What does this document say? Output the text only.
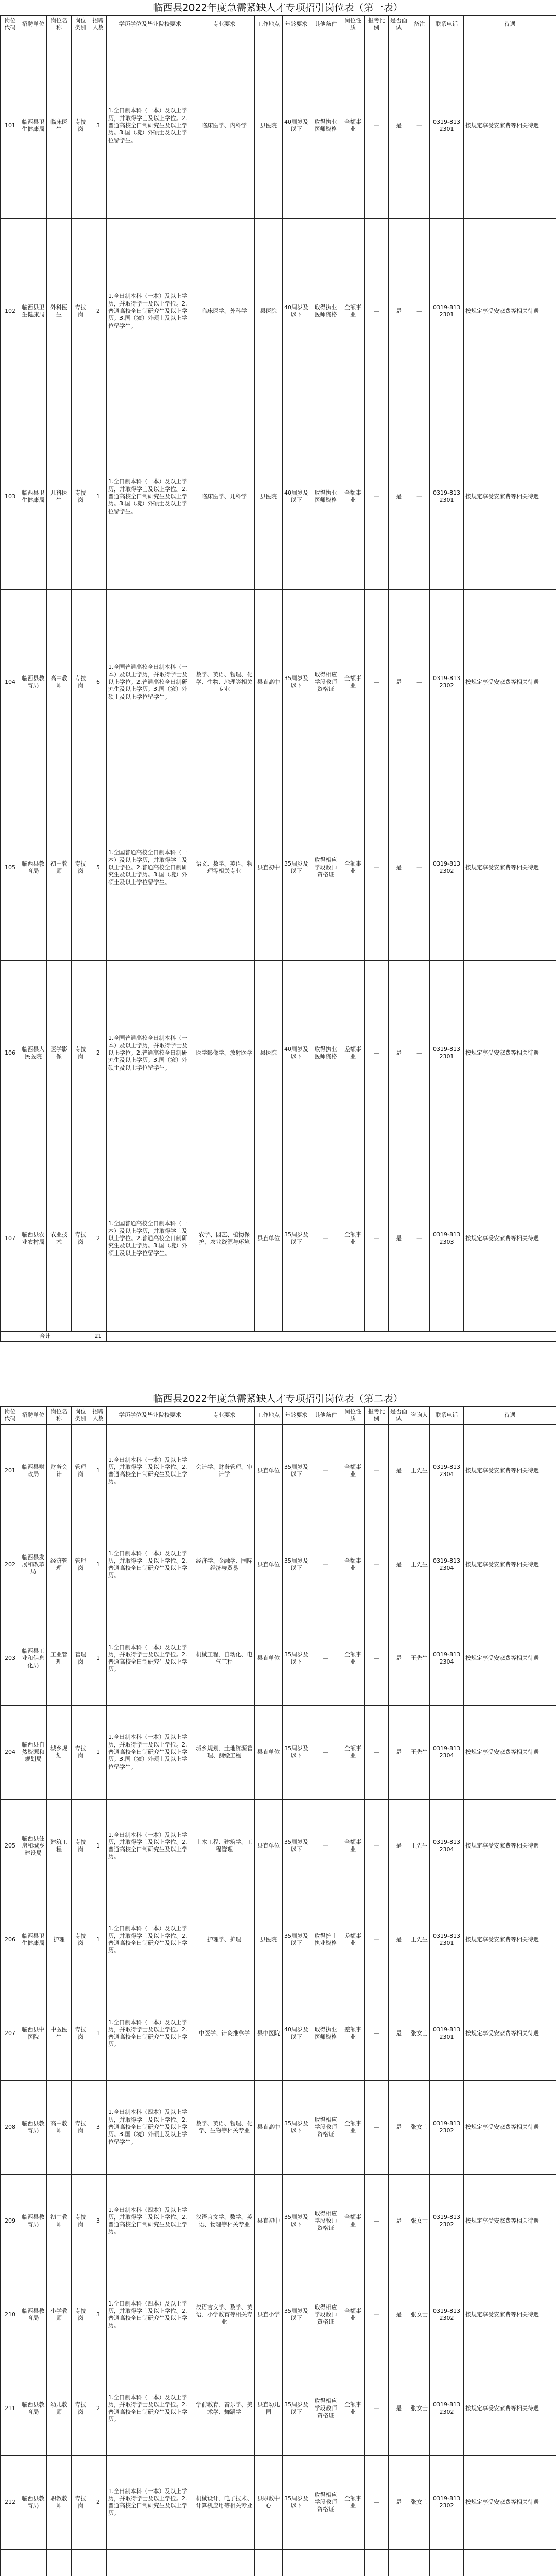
临西县2022年度急需紧缺人才专项招引岗位表（第一表）
岗位代码	招聘单位	岗位名称	岗位类别	招聘人数	学历学位及毕业院校要求	专业要求	工作地点	年龄要求	其他条件	岗位性质	报考比例	是否面试	备注	联系电话	待遇
101	临西县卫生健康局	临床医生	专技岗	3	1.全日制本科（一本）及以上学历，并取得学士及以上学位。2.普通高校全日制研究生及以上学历。3.国（境）外硕士及以上学位留学生。	临床医学、内科学	县医院	40周岁及以下	取得执业医师资格	全额事业	—	是	—	0319-8132301	按规定享受安家费等相关待遇
102	临西县卫生健康局	外科医生	专技岗	2	1.全日制本科（一本）及以上学历，并取得学士及以上学位。2.普通高校全日制研究生及以上学历。3.国（境）外硕士及以上学位留学生。	临床医学、外科学	县医院	40周岁及以下	取得执业医师资格	全额事业	—	是	—	0319-8132301	按规定享受安家费等相关待遇
103	临西县卫生健康局	儿科医生	专技岗	1	1.全日制本科（一本）及以上学历，并取得学士及以上学位。2.普通高校全日制研究生及以上学历。3.国（境）外硕士及以上学位留学生。	临床医学、儿科学	县医院	40周岁及以下	取得执业医师资格	全额事业	—	是	—	0319-8132301	按规定享受安家费等相关待遇
104	临西县教育局	高中教师	专技岗	6	1.全国普通高校全日制本科（一本）及以上学历，并取得学士及以上学位。2.普通高校全日制研究生及以上学历。3.国（境）外硕士及以上学位留学生。	数学、英语、物理、化学、生物、地理等相关专业	县直高中	35周岁及以下	取得相应学段教师资格证	全额事业	—	是	—	0319-8132302	按规定享受安家费等相关待遇
105	临西县教育局	初中教师	专技岗	5	1.全国普通高校全日制本科（一本）及以上学历，并取得学士及以上学位。2.普通高校全日制研究生及以上学历。3.国（境）外硕士及以上学位留学生。	语文、数学、英语、物理等相关专业	县直初中	35周岁及以下	取得相应学段教师资格证	全额事业	—	是	—	0319-8132302	按规定享受安家费等相关待遇
106	临西县人民医院	医学影像	专技岗	2	1.全国普通高校全日制本科（一本）及以上学历，并取得学士及以上学位。2.普通高校全日制研究生及以上学历。3.国（境）外硕士及以上学位留学生。	医学影像学、放射医学	县医院	40周岁及以下	取得执业医师资格	差额事业	—	是	—	0319-8132301	按规定享受安家费等相关待遇
107	临西县农业农村局	农业技术	专技岗	2	1.全国普通高校全日制本科（一本）及以上学历，并取得学士及以上学位。2.普通高校全日制研究生及以上学历。3.国（境）外硕士及以上学位留学生。	农学、园艺、植物保护、农业资源与环境	县直单位	35周岁及以下	—	全额事业	—	是	—	0319-8132303	按规定享受安家费等相关待遇
合计				21											
临西县2022年度急需紧缺人才专项招引岗位表（第二表）
岗位代码	招聘单位	岗位名称	岗位类别	招聘人数	学历学位及毕业院校要求	专业要求	工作地点	年龄要求	其他条件	岗位性质	报考比例	是否面试	咨询人	联系电话	待遇
201	临西县财政局	财务会计	管理岗	1	1.全日制本科（一本）及以上学历，并取得学士及以上学位。2.普通高校全日制研究生及以上学历。	会计学、财务管理、审计学	县直单位	35周岁及以下	—	全额事业	—	是	王先生	0319-8132304	按规定享受安家费等相关待遇
202	临西县发展和改革局	经济管理	管理岗	1	1.全日制本科（一本）及以上学历，并取得学士及以上学位。2.普通高校全日制研究生及以上学历。	经济学、金融学、国际经济与贸易	县直单位	35周岁及以下	—	全额事业	—	是	王先生	0319-8132304	按规定享受安家费等相关待遇
203	临西县工业和信息化局	工业管理	管理岗	1	1.全日制本科（一本）及以上学历，并取得学士及以上学位。2.普通高校全日制研究生及以上学历。	机械工程、自动化、电气工程	县直单位	35周岁及以下	—	全额事业	—	是	王先生	0319-8132304	按规定享受安家费等相关待遇
204	临西县自然资源和规划局	城乡规划	专技岗	1	1.全日制本科（一本）及以上学历，并取得学士及以上学位。2.普通高校全日制研究生及以上学历。3.国（境）外硕士及以上学位留学生。	城乡规划、土地资源管理、测绘工程	县直单位	35周岁及以下	—	全额事业	—	是	王先生	0319-8132304	按规定享受安家费等相关待遇
205	临西县住房和城乡建设局	建筑工程	专技岗	1	1.全日制本科（一本）及以上学历，并取得学士及以上学位。2.普通高校全日制研究生及以上学历。	土木工程、建筑学、工程管理	县直单位	35周岁及以下	—	全额事业	—	是	王先生	0319-8132304	按规定享受安家费等相关待遇
206	临西县卫生健康局	护理	专技岗	1	1.全日制本科（一本）及以上学历，并取得学士及以上学位。2.普通高校全日制研究生及以上学历。	护理学、护理	县医院	35周岁及以下	取得护士执业资格	差额事业	—	是	王先生	0319-8132301	按规定享受安家费等相关待遇
207	临西县中医院	中医医生	专技岗	1	1.全日制本科（一本）及以上学历，并取得学士及以上学位。2.普通高校全日制研究生及以上学历。	中医学、针灸推拿学	县中医院	40周岁及以下	取得执业医师资格	差额事业	—	是	张女士	0319-8132301	按规定享受安家费等相关待遇
208	临西县教育局	高中教师	专技岗	3	1.全日制本科（四本）及以上学历，并取得学士及以上学位。2.普通高校全日制研究生及以上学历。3.国（境）外硕士及以上学位留学生。	数学、英语、物理、化学、生物等相关专业	县直高中	35周岁及以下	取得相应学段教师资格证	全额事业	—	是	张女士	0319-8132302	按规定享受安家费等相关待遇
209	临西县教育局	初中教师	专技岗	3	1.全日制本科（四本）及以上学历，并取得学士及以上学位。2.普通高校全日制研究生及以上学历。	汉语言文学、数学、英语、物理等相关专业	县直初中	35周岁及以下	取得相应学段教师资格证	全额事业	—	是	张女士	0319-8132302	按规定享受安家费等相关待遇
210	临西县教育局	小学教师	专技岗	3	1.全日制本科（四本）及以上学历，并取得学士及以上学位。2.普通高校全日制研究生及以上学历。	汉语言文学、数学、英语、小学教育等相关专业	县直小学	35周岁及以下	取得相应学段教师资格证	全额事业	—	是	张女士	0319-8132302	按规定享受安家费等相关待遇
211	临西县教育局	幼儿教师	专技岗	2	1.全日制本科（一本）及以上学历，并取得学士及以上学位。2.普通高校全日制研究生及以上学历。	学前教育、音乐学、美术学、舞蹈学	县直幼儿园	35周岁及以下	取得相应学段教师资格证	全额事业	—	是	张女士	0319-8132302	按规定享受安家费等相关待遇
212	临西县教育局	职教教师	专技岗	2	1.全日制本科（一本）及以上学历，并取得学士及以上学位。2.普通高校全日制研究生及以上学历。	机械设计、电子技术、计算机应用等相关专业	县职教中心	35周岁及以下	取得相应学段教师资格证	全额事业	—	是	张女士	0319-8132302	按规定享受安家费等相关待遇
